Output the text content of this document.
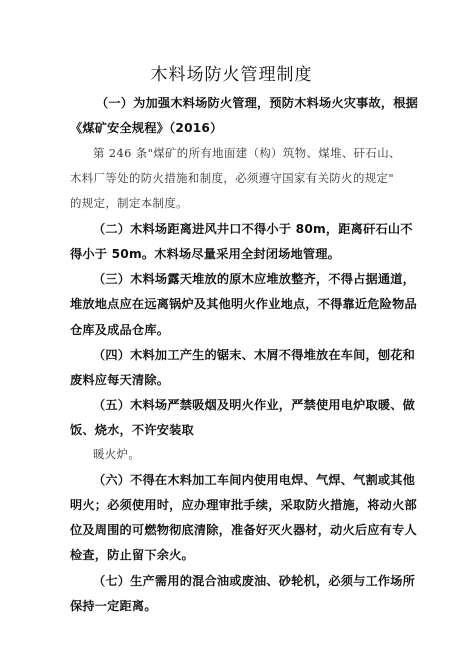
木料场防火管理制度
（一）为加强木料场防火管理，预防木料场火灾事故，根据
《煤矿安全规程》（2016）
第 246 条"煤矿的所有地面建（构）筑物、煤堆、矸石山、
木料厂等处的防火措施和制度，必须遵守国家有关防火的规定"
的规定，制定本制度。
（二）木料场距离进风井口不得小于 80m，距离矸石山不
得小于 50m。木料场尽量采用全封闭场地管理。
（三）木料场露天堆放的原木应堆放整齐，不得占据通道，
堆放地点应在远离锅炉及其他明火作业地点，不得靠近危险物品
仓库及成品仓库。
（四）木料加工产生的锯末、木屑不得堆放在车间，刨花和
废料应每天清除。
（五）木料场严禁吸烟及明火作业，严禁使用电炉取暖、做
饭、烧水，不许安装取
暖火炉。
（六）不得在木料加工车间内使用电焊、气焊、气割或其他
明火；必须使用时，应办理审批手续，采取防火措施，将动火部
位及周围的可燃物彻底清除，准备好灭火器材，动火后应有专人
检查，防止留下余火。
（七）生产需用的混合油或废油、砂轮机，必须与工作场所
保持一定距离。
